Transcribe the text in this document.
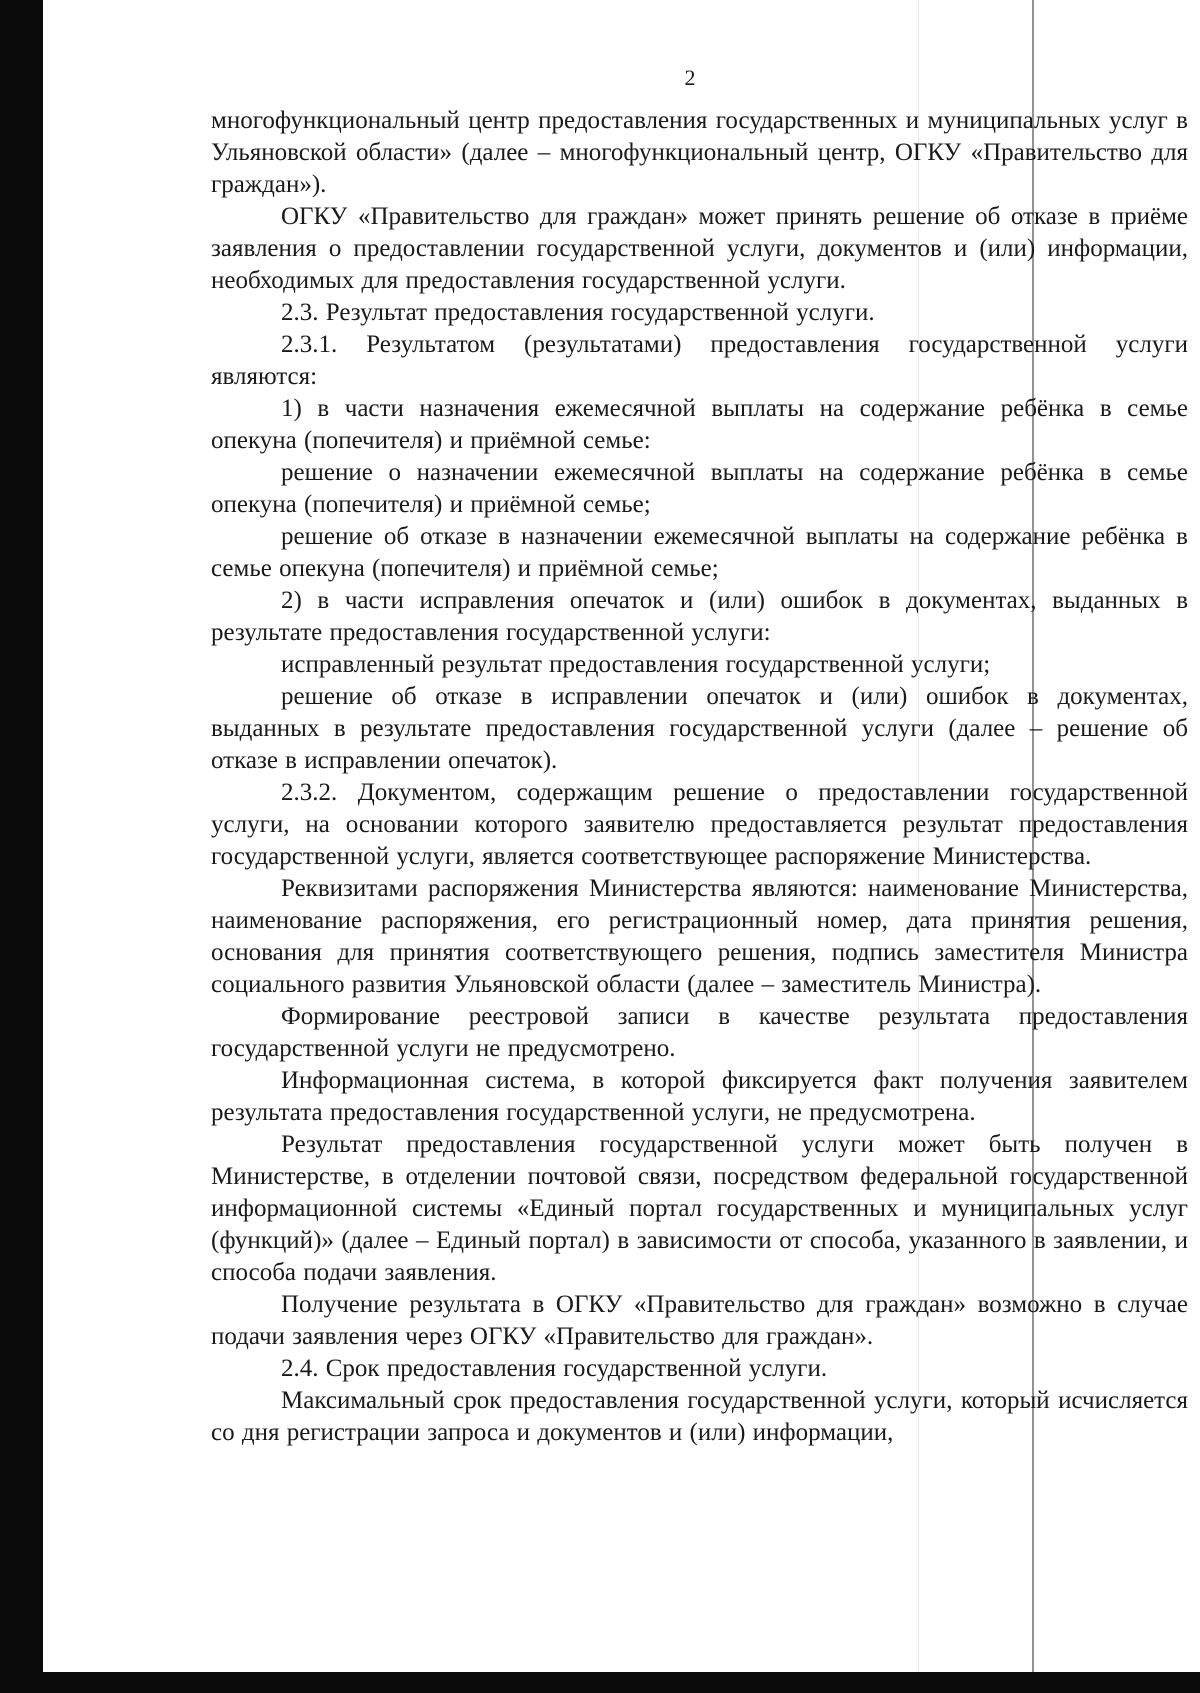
2

многофункциональный центр предоставления государственных и муниципальных услуг в Ульяновской области» (далее – многофункциональный центр, ОГКУ «Правительство для граждан»).

ОГКУ «Правительство для граждан» может принять решение об отказе в приёме заявления о предоставлении государственной услуги, документов и (или) информации, необходимых для предоставления государственной услуги.

2.3. Результат предоставления государственной услуги.

2.3.1. Результатом (результатами) предоставления государственной услуги являются:

1) в части назначения ежемесячной выплаты на содержание ребёнка в семье опекуна (попечителя) и приёмной семье:

решение о назначении ежемесячной выплаты на содержание ребёнка в семье опекуна (попечителя) и приёмной семье;

решение об отказе в назначении ежемесячной выплаты на содержание ребёнка в семье опекуна (попечителя) и приёмной семье;

2) в части исправления опечаток и (или) ошибок в документах, выданных в результате предоставления государственной услуги:

исправленный результат предоставления государственной услуги;

решение об отказе в исправлении опечаток и (или) ошибок в документах, выданных в результате предоставления государственной услуги (далее – решение об отказе в исправлении опечаток).

2.3.2. Документом, содержащим решение о предоставлении государственной услуги, на основании которого заявителю предоставляется результат предоставления государственной услуги, является соответствующее распоряжение Министерства.

Реквизитами распоряжения Министерства являются: наименование Министерства, наименование распоряжения, его регистрационный номер, дата принятия решения, основания для принятия соответствующего решения, подпись заместителя Министра социального развития Ульяновской области (далее – заместитель Министра).

Формирование реестровой записи в качестве результата предоставления государственной услуги не предусмотрено.

Информационная система, в которой фиксируется факт получения заявителем результата предоставления государственной услуги, не предусмотрена.

Результат предоставления государственной услуги может быть получен в Министерстве, в отделении почтовой связи, посредством федеральной государственной информационной системы «Единый портал государственных и муниципальных услуг (функций)» (далее – Единый портал) в зависимости от способа, указанного в заявлении, и способа подачи заявления.

Получение результата в ОГКУ «Правительство для граждан» возможно в случае подачи заявления через ОГКУ «Правительство для граждан».

2.4. Срок предоставления государственной услуги.

Максимальный срок предоставления государственной услуги, который исчисляется со дня регистрации запроса и документов и (или) информации,
